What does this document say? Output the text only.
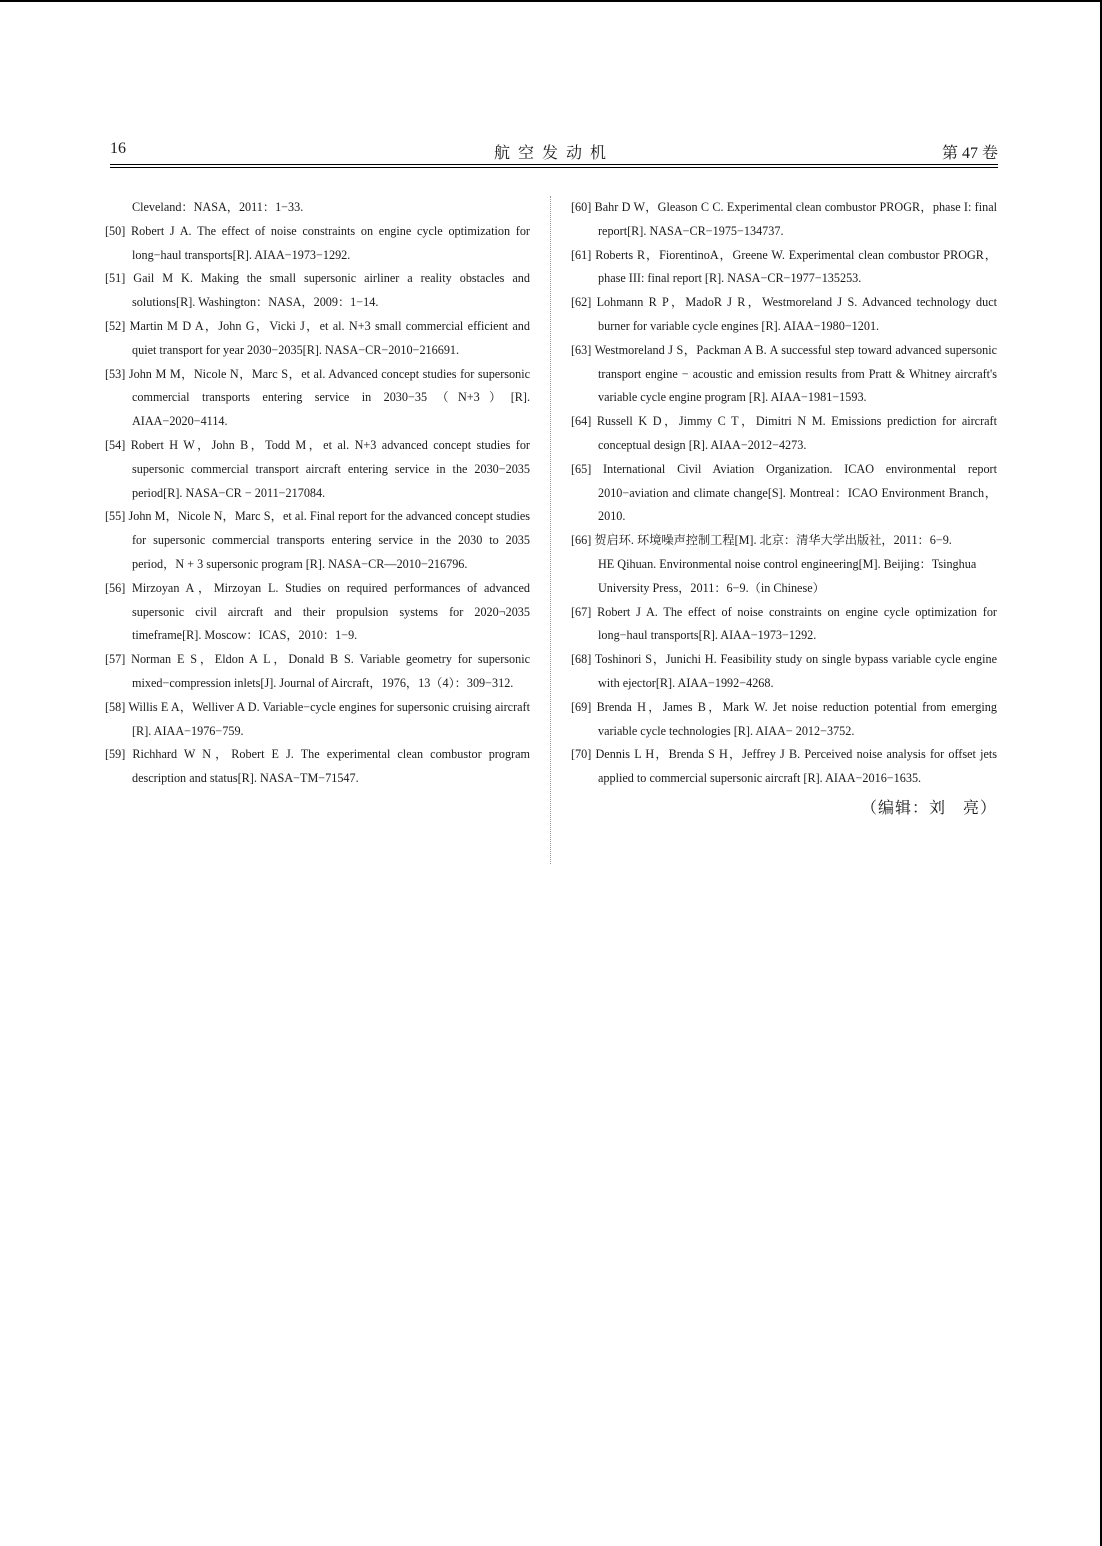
16	航空发动机	第 47 卷

Cleveland：NASA，2011：1−33.

[50] Robert J A. The effect of noise constraints on engine cycle optimization for long−haul transports[R]. AIAA−1973−1292.

[51] Gail M K. Making the small supersonic airliner a reality obstacles and solutions[R]. Washington：NASA，2009：1−14.

[52] Martin M D A，John G，Vicki J，et al. N+3 small commercial efficient and quiet transport for year 2030−2035[R]. NASA−CR−2010−216691.

[53] John M M，Nicole N，Marc S，et al. Advanced concept studies for supersonic commercial transports entering service in 2030−35（N+3）[R]. AIAA−2020−4114.

[54] Robert H W，John B，Todd M，et al. N+3 advanced concept studies for supersonic commercial transport aircraft entering service in the 2030−2035 period[R]. NASA−CR − 2011−217084.

[55] John M，Nicole N，Marc S，et al. Final report for the advanced concept studies for supersonic commercial transports entering service in the 2030 to 2035 period，N + 3 supersonic program [R]. NASA−CR—2010−216796.

[56] Mirzoyan A，Mirzoyan L. Studies on required performances of advanced supersonic civil aircraft and their propulsion systems for 2020¬2035 timeframe[R]. Moscow：ICAS，2010：1−9.

[57] Norman E S，Eldon A L，Donald B S. Variable geometry for supersonic mixed−compression inlets[J]. Journal of Aircraft，1976，13（4）：309−312.

[58] Willis E A，Welliver A D. Variable−cycle engines for supersonic cruising aircraft [R]. AIAA−1976−759.

[59] Richhard W N，Robert E J. The experimental clean combustor program description and status[R]. NASA−TM−71547.

[60] Bahr D W，Gleason C C. Experimental clean combustor PROGR，phase I: final report[R]. NASA−CR−1975−134737.

[61] Roberts R，FiorentinoA，Greene W. Experimental clean combustor PROGR，phase III: final report [R]. NASA−CR−1977−135253.

[62] Lohmann R P，MadoR J R，Westmoreland J S. Advanced technology duct burner for variable cycle engines [R]. AIAA−1980−1201.

[63] Westmoreland J S，Packman A B. A successful step toward advanced supersonic transport engine − acoustic and emission results from Pratt & Whitney aircraft's variable cycle engine program [R]. AIAA−1981−1593.

[64] Russell K D，Jimmy C T，Dimitri N M. Emissions prediction for aircraft conceptual design [R]. AIAA−2012−4273.

[65] International Civil Aviation Organization. ICAO environmental report 2010−aviation and climate change[S]. Montreal：ICAO Environment Branch，2010.

[66] 贺启环. 环境噪声控制工程[M]. 北京：清华大学出版社，2011：6−9.

HE Qihuan. Environmental noise control engineering[M]. Beijing：Tsinghua University Press，2011：6−9.（in Chinese）

[67] Robert J A. The effect of noise constraints on engine cycle optimization for long−haul transports[R]. AIAA−1973−1292.

[68] Toshinori S，Junichi H. Feasibility study on single bypass variable cycle engine with ejector[R]. AIAA−1992−4268.

[69] Brenda H，James B，Mark W. Jet noise reduction potential from emerging variable cycle technologies [R]. AIAA− 2012−3752.

[70] Dennis L H，Brenda S H，Jeffrey J B. Perceived noise analysis for offset jets applied to commercial supersonic aircraft [R]. AIAA−2016−1635.

（编辑：刘　亮）
